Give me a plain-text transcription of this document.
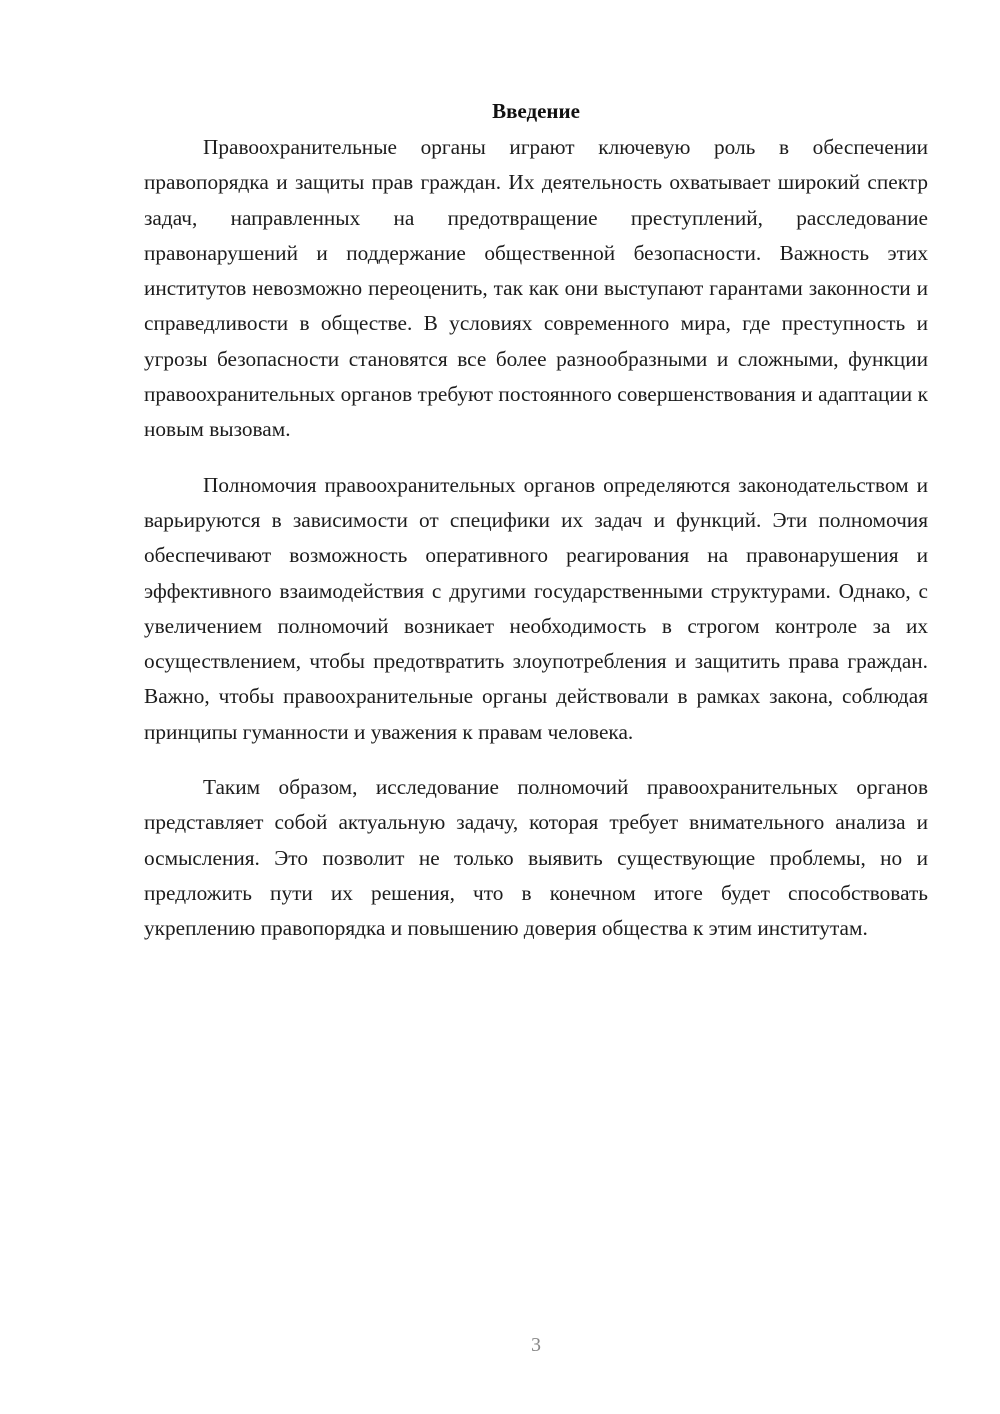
Введение

Правоохранительные органы играют ключевую роль в обеспечении правопорядка и защиты прав граждан. Их деятельность охватывает широкий спектр задач, направленных на предотвращение преступлений, расследование правонарушений и поддержание общественной безопасности. Важность этих институтов невозможно переоценить, так как они выступают гарантами законности и справедливости в обществе. В условиях современного мира, где преступность и угрозы безопасности становятся все более разнообразными и сложными, функции правоохранительных органов требуют постоянного совершенствования и адаптации к новым вызовам.

Полномочия правоохранительных органов определяются законодательством и варьируются в зависимости от специфики их задач и функций. Эти полномочия обеспечивают возможность оперативного реагирования на правонарушения и эффективного взаимодействия с другими государственными структурами. Однако, с увеличением полномочий возникает необходимость в строгом контроле за их осуществлением, чтобы предотвратить злоупотребления и защитить права граждан. Важно, чтобы правоохранительные органы действовали в рамках закона, соблюдая принципы гуманности и уважения к правам человека.

Таким образом, исследование полномочий правоохранительных органов представляет собой актуальную задачу, которая требует внимательного анализа и осмысления. Это позволит не только выявить существующие проблемы, но и предложить пути их решения, что в конечном итоге будет способствовать укреплению правопорядка и повышению доверия общества к этим институтам.

3
